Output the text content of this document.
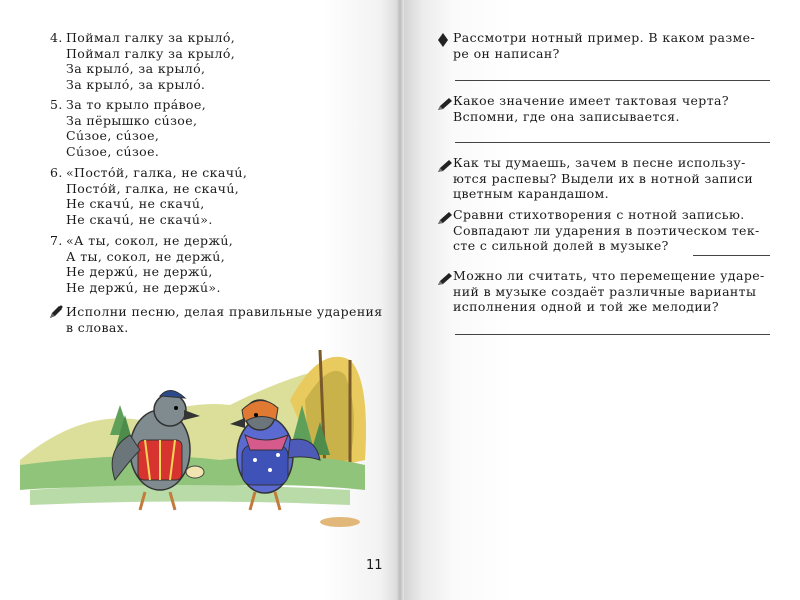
4. Поймал галку за крылó,
Поймал галку за крылó,
За крылó, за крылó,
За крылó, за крылó.
5. За то крыло прáвое,
За пёрышко сúзое,
Сúзое, сúзое,
Сúзое, сúзое.
6. «Постóй, галка, не скачú,
Постóй, галка, не скачú,
Не скачú, не скачú,
Не скачú, не скачú».
7. «А ты, сокол, не держú,
А ты, сокол, не держú,
Не держú, не держú,
Не держú, не держú».
Исполни песню, делая правильные ударения
в словах.
11
Рассмотри нотный пример. В каком разме-
ре он написан?
Какое значение имеет тактовая черта?
Вспомни, где она записывается.
Как ты думаешь, зачем в песне использу-
ются распевы? Выдели их в нотной записи
цветным карандашом.
Сравни стихотворения с нотной записью.
Совпадают ли ударения в поэтическом тек-
сте с сильной долей в музыке?
Можно ли считать, что перемещение ударе-
ний в музыке создаёт различные варианты
исполнения одной и той же мелодии?
